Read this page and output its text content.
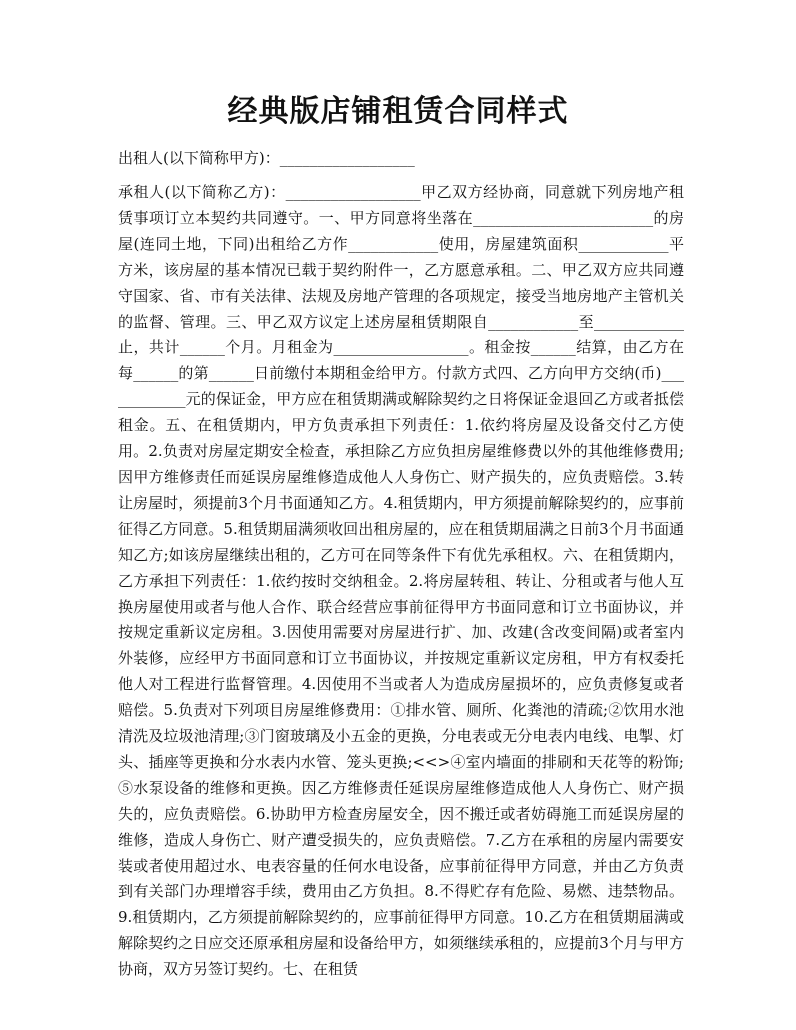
经典版店铺租赁合同样式
出租人(以下简称甲方)：__________________
承租人(以下简称乙方)：__________________甲乙双方经协商，同意就下列房地产租赁事项订立本契约共同遵守。一、甲方同意将坐落在________________________的房屋(连同土地，下同)出租给乙方作____________使用，房屋建筑面积____________平方米，该房屋的基本情况已载于契约附件一，乙方愿意承租。二、甲乙双方应共同遵守国家、省、市有关法律、法规及房地产管理的各项规定，接受当地房地产主管机关的监督、管理。三、甲乙双方议定上述房屋租赁期限自____________至____________止，共计______个月。月租金为__________________。租金按______结算，由乙方在每______的第______日前缴付本期租金给甲方。付款方式四、乙方向甲方交纳(币)____________元的保证金，甲方应在租赁期满或解除契约之日将保证金退回乙方或者抵偿租金。五、在租赁期内，甲方负责承担下列责任：1.依约将房屋及设备交付乙方使用。2.负责对房屋定期安全检查，承担除乙方应负担房屋维修费以外的其他维修费用;因甲方维修责任而延误房屋维修造成他人人身伤亡、财产损失的，应负责赔偿。3.转让房屋时，须提前3个月书面通知乙方。4.租赁期内，甲方须提前解除契约的，应事前征得乙方同意。5.租赁期届满须收回出租房屋的，应在租赁期届满之日前3个月书面通知乙方;如该房屋继续出租的，乙方可在同等条件下有优先承租权。六、在租赁期内，乙方承担下列责任：1.依约按时交纳租金。2.将房屋转租、转让、分租或者与他人互换房屋使用或者与他人合作、联合经营应事前征得甲方书面同意和订立书面协议，并按规定重新议定房租。3.因使用需要对房屋进行扩、加、改建(含改变间隔)或者室内外装修，应经甲方书面同意和订立书面协议，并按规定重新议定房租，甲方有权委托他人对工程进行监督管理。4.因使用不当或者人为造成房屋损坏的，应负责修复或者赔偿。5.负责对下列项目房屋维修费用：①排水管、厕所、化粪池的清疏;②饮用水池清洗及垃圾池清理;③门窗玻璃及小五金的更换，分电表或无分电表内电线、电掣、灯头、插座等更换和分水表内水管、笼头更换;<<>④室内墙面的排刷和天花等的粉饰;⑤水泵设备的维修和更换。因乙方维修责任延误房屋维修造成他人人身伤亡、财产损失的，应负责赔偿。6.协助甲方检查房屋安全，因不搬迁或者妨碍施工而延误房屋的维修，造成人身伤亡、财产遭受损失的，应负责赔偿。7.乙方在承租的房屋内需要安装或者使用超过水、电表容量的任何水电设备，应事前征得甲方同意，并由乙方负责到有关部门办理增容手续，费用由乙方负担。8.不得贮存有危险、易燃、违禁物品。9.租赁期内，乙方须提前解除契约的，应事前征得甲方同意。10.乙方在租赁期届满或解除契约之日应交还原承租房屋和设备给甲方，如须继续承租的，应提前3个月与甲方协商，双方另签订契约。七、在租赁
